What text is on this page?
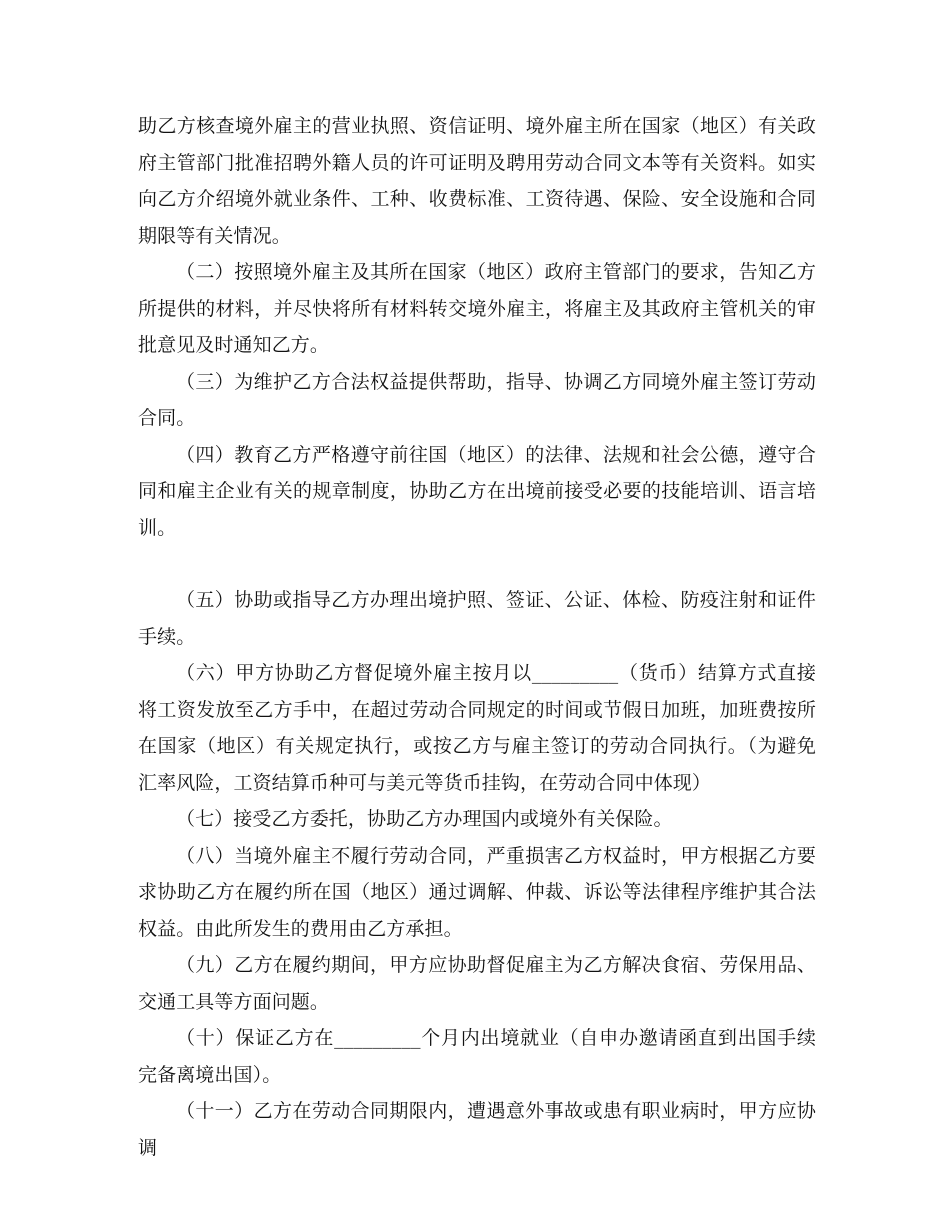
助乙方核查境外雇主的营业执照、资信证明、境外雇主所在国家（地区）有关政府主管部门批准招聘外籍人员的许可证明及聘用劳动合同文本等有关资料。如实向乙方介绍境外就业条件、工种、收费标准、工资待遇、保险、安全设施和合同期限等有关情况。

（二）按照境外雇主及其所在国家（地区）政府主管部门的要求，告知乙方所提供的材料，并尽快将所有材料转交境外雇主，将雇主及其政府主管机关的审批意见及时通知乙方。

（三）为维护乙方合法权益提供帮助，指导、协调乙方同境外雇主签订劳动合同。

（四）教育乙方严格遵守前往国（地区）的法律、法规和社会公德，遵守合同和雇主企业有关的规章制度，协助乙方在出境前接受必要的技能培训、语言培训。

（五）协助或指导乙方办理出境护照、签证、公证、体检、防疫注射和证件手续。

（六）甲方协助乙方督促境外雇主按月以_________（货币）结算方式直接将工资发放至乙方手中，在超过劳动合同规定的时间或节假日加班，加班费按所在国家（地区）有关规定执行，或按乙方与雇主签订的劳动合同执行。（为避免汇率风险，工资结算币种可与美元等货币挂钩，在劳动合同中体现）

（七）接受乙方委托，协助乙方办理国内或境外有关保险。

（八）当境外雇主不履行劳动合同，严重损害乙方权益时，甲方根据乙方要求协助乙方在履约所在国（地区）通过调解、仲裁、诉讼等法律程序维护其合法权益。由此所发生的费用由乙方承担。

（九）乙方在履约期间，甲方应协助督促雇主为乙方解决食宿、劳保用品、交通工具等方面问题。

（十）保证乙方在_________个月内出境就业（自申办邀请函直到出国手续完备离境出国）。

（十一）乙方在劳动合同期限内，遭遇意外事故或患有职业病时，甲方应协调
